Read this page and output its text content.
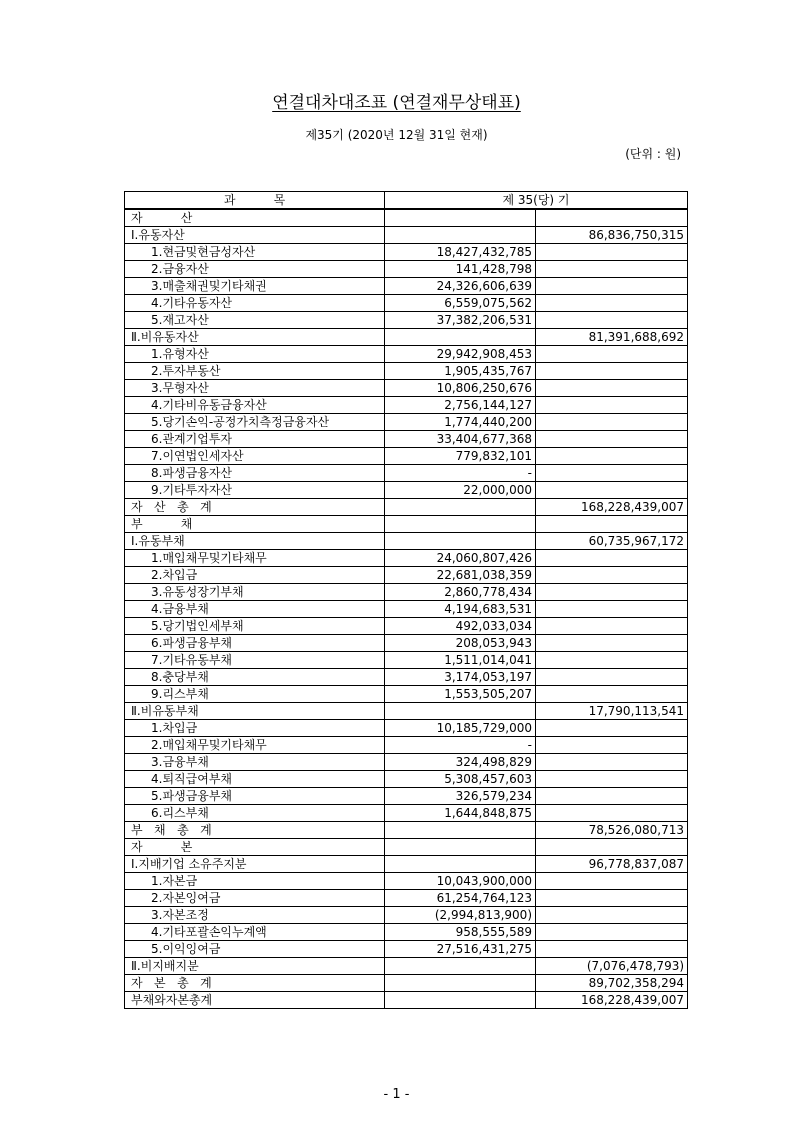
연결대차대조표 (연결재무상태표)
제35기 (2020년 12월 31일 현재)
(단위 : 원)
과          목	제 35(당) 기	
자          산		
Ⅰ.유동자산		86,836,750,315
1.현금및현금성자산	18,427,432,785	
2.금융자산	141,428,798	
3.매출채권및기타채권	24,326,606,639	
4.기타유동자산	6,559,075,562	
5.재고자산	37,382,206,531	
Ⅱ.비유동자산		81,391,688,692
1.유형자산	29,942,908,453	
2.투자부동산	1,905,435,767	
3.무형자산	10,806,250,676	
4.기타비유동금융자산	2,756,144,127	
5.당기손익-공정가치측정금융자산	1,774,440,200	
6.관계기업투자	33,404,677,368	
7.이연법인세자산	779,832,101	
8.파생금융자산	-	
9.기타투자자산	22,000,000	
자   산   총   계		168,228,439,007
부          채		
Ⅰ.유동부채		60,735,967,172
1.매입채무및기타채무	24,060,807,426	
2.차입금	22,681,038,359	
3.유동성장기부채	2,860,778,434	
4.금융부채	4,194,683,531	
5.당기법인세부채	492,033,034	
6.파생금융부채	208,053,943	
7.기타유동부채	1,511,014,041	
8.충당부채	3,174,053,197	
9.리스부채	1,553,505,207	
Ⅱ.비유동부채		17,790,113,541
1.차입금	10,185,729,000	
2.매입채무및기타채무	-	
3.금융부채	324,498,829	
4.퇴직급여부채	5,308,457,603	
5.파생금융부채	326,579,234	
6.리스부채	1,644,848,875	
부   채   총   계		78,526,080,713
자          본		
Ⅰ.지배기업 소유주지분		96,778,837,087
1.자본금	10,043,900,000	
2.자본잉여금	61,254,764,123	
3.자본조정	(2,994,813,900)	
4.기타포괄손익누계액	958,555,589	
5.이익잉여금	27,516,431,275	
Ⅱ.비지배지분		(7,076,478,793)
자   본   총   계		89,702,358,294
부채와자본총계		168,228,439,007
- 1 -
